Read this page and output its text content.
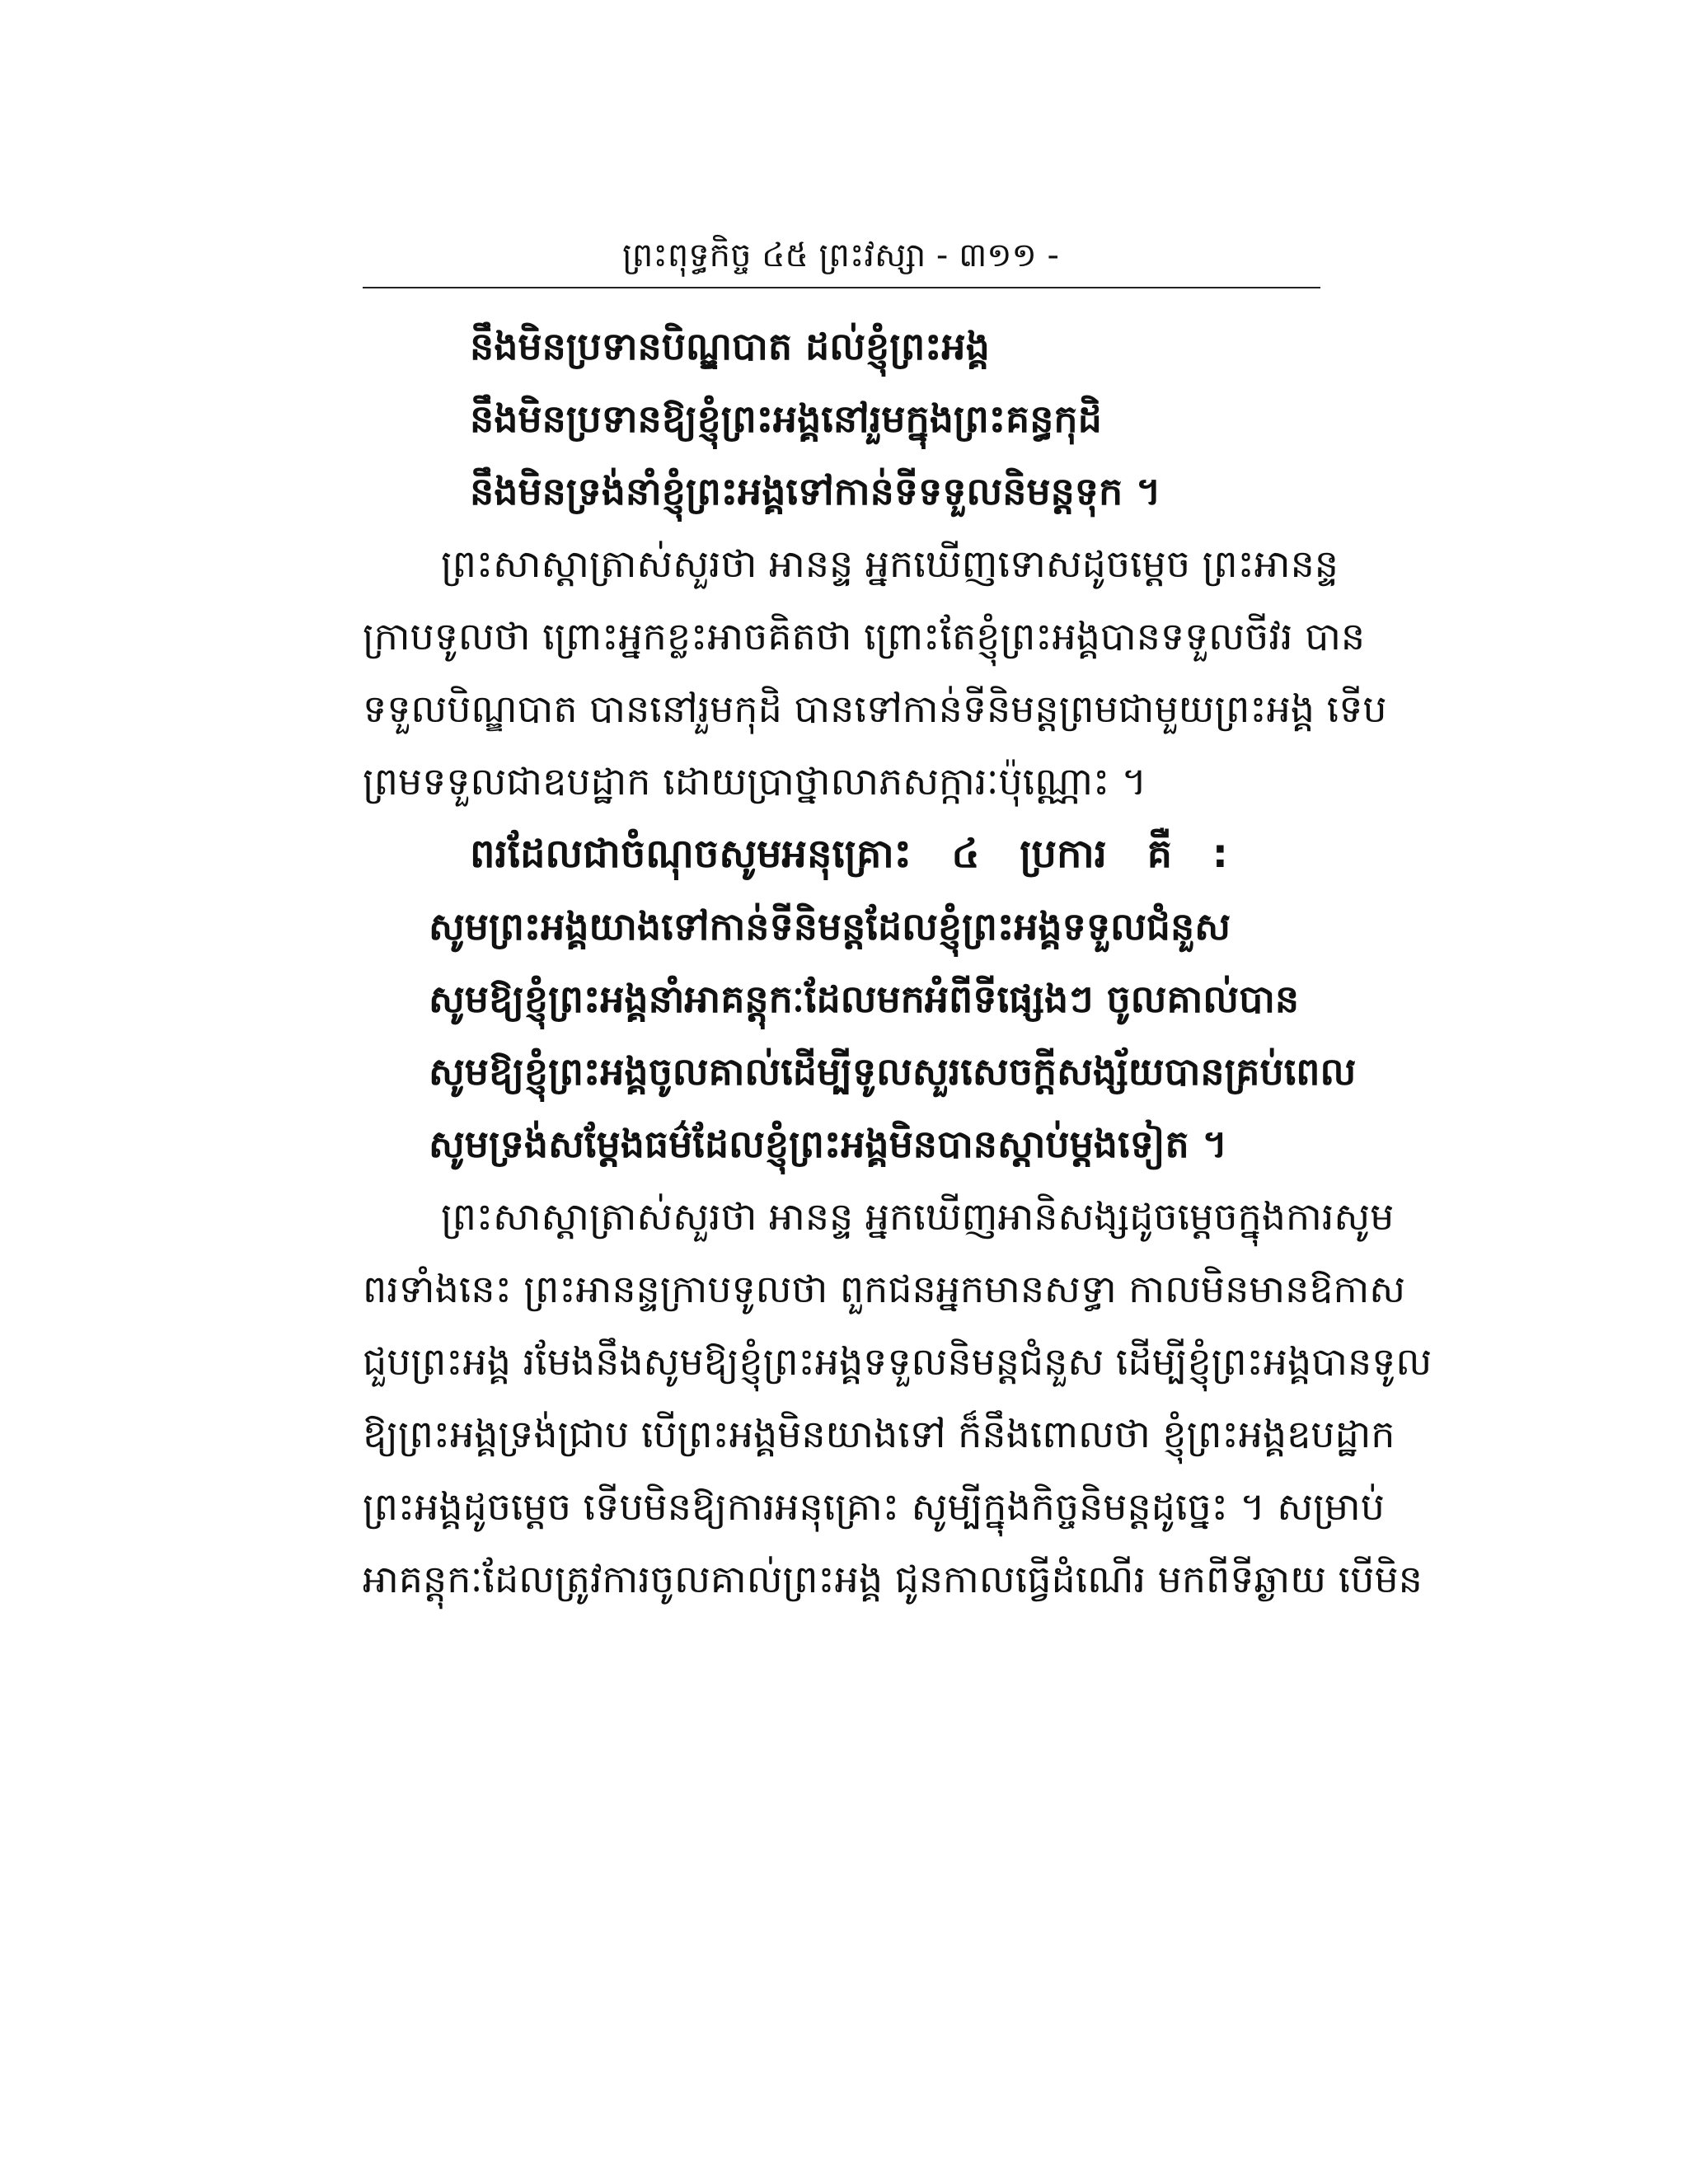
ព្រះពុទ្ធកិច្ច ៤៥ ព្រះវស្សា - ៣១១ -
នឹងមិនប្រទានបិណ្ឌបាត ដល់ខ្ញុំព្រះអង្គ
នឹងមិនប្រទានឱ្យខ្ញុំព្រះអង្គនៅរួមក្នុងព្រះគន្ធកុដិ
នឹងមិនទ្រង់នាំខ្ញុំព្រះអង្គទៅកាន់ទីទទួលនិមន្តទុក ។
ព្រះសាស្តាត្រាស់សួរថា អានន្ទ អ្នកឃើញទោសដូចម្តេច ព្រះអានន្ទ
ក្រាបទូលថា ព្រោះអ្នកខ្លះអាចគិតថា ព្រោះតែខ្ញុំព្រះអង្គបានទទួលចីវរ បាន
ទទួលបិណ្ឌបាត បាននៅរួមកុដិ បានទៅកាន់ទីនិមន្តព្រមជាមួយព្រះអង្គ ទើប
ព្រមទទួលជាឧបដ្ឋាក ដោយប្រាថ្នាលាភសក្ការៈប៉ុណ្ណោះ ។
ពរដែលជាចំណុចសូមអនុគ្រោះ ៤ ប្រការ គឺ :
សូមព្រះអង្គយាងទៅកាន់ទីនិមន្តដែលខ្ញុំព្រះអង្គទទួលជំនួស
សូមឱ្យខ្ញុំព្រះអង្គនាំអាគន្តុកៈដែលមកអំពីទីផ្សេងៗ ចូលគាល់បាន
សូមឱ្យខ្ញុំព្រះអង្គចូលគាល់ដើម្បីទូលសួរសេចក្តីសង្ស័យបានគ្រប់ពេល
សូមទ្រង់សម្តែងធម៌ដែលខ្ញុំព្រះអង្គមិនបានស្តាប់ម្តងទៀត ។
ព្រះសាស្តាត្រាស់សួរថា អានន្ទ អ្នកឃើញអានិសង្សដូចម្តេចក្នុងការសូម
ពរទាំងនេះ ព្រះអានន្ទក្រាបទូលថា ពួកជនអ្នកមានសទ្ធា កាលមិនមានឱកាស
ជួបព្រះអង្គ រមែងនឹងសូមឱ្យខ្ញុំព្រះអង្គទទួលនិមន្តជំនួស ដើម្បីខ្ញុំព្រះអង្គបានទូល
ឱ្យព្រះអង្គទ្រង់ជ្រាប បើព្រះអង្គមិនយាងទៅ ក៏នឹងពោលថា ខ្ញុំព្រះអង្គឧបដ្ឋាក
ព្រះអង្គដូចម្តេច ទើបមិនឱ្យការអនុគ្រោះ សូម្បីក្នុងកិច្ចនិមន្តដូច្នេះ ។ សម្រាប់
អាគន្តុកៈដែលត្រូវការចូលគាល់ព្រះអង្គ ជូនកាលធ្វើដំណើរ មកពីទីឆ្ងាយ បើមិន
